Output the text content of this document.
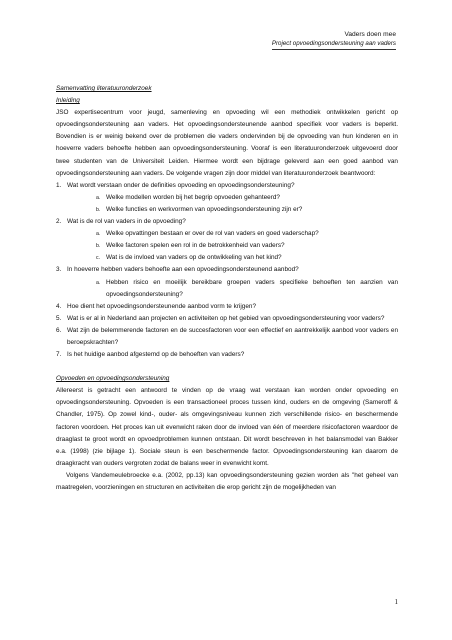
Vaders doen mee
Project opvoedingsondersteuning aan vaders

Samenvatting literatuuronderzoek

Inleiding

JSO expertisecentrum voor jeugd, samenleving en opvoeding wil een methodiek ontwikkelen gericht op opvoedingsondersteuning aan vaders. Het opvoedingsondersteunende aanbod specifiek voor vaders is beperkt. Bovendien is er weinig bekend over de problemen die vaders ondervinden bij de opvoeding van hun kinderen en in hoeverre vaders behoefte hebben aan opvoedingsondersteuning. Vooraf is een literatuuronderzoek uitgevoerd door twee studenten van de Universiteit Leiden. Hiermee wordt een bijdrage geleverd aan een goed aanbod van opvoedingsondersteuning aan vaders. De volgende vragen zijn door middel van literatuuronderzoek beantwoord:

1. Wat wordt verstaan onder de definities opvoeding en opvoedingsondersteuning?
a. Welke modellen worden bij het begrip opvoeden gehanteerd?
b. Welke functies en werkvormen van opvoedingsondersteuning zijn er?
2. Wat is de rol van vaders in de opvoeding?
a. Welke opvattingen bestaan er over de rol van vaders en goed vaderschap?
b. Welke factoren spelen een rol in de betrokkenheid van vaders?
c. Wat is de invloed van vaders op de ontwikkeling van het kind?
3. In hoeverre hebben vaders behoefte aan een opvoedingsondersteunend aanbod?
a. Hebben risico en moeilijk bereikbare groepen vaders specifieke behoeften ten aanzien van opvoedingsondersteuning?
4. Hoe dient het opvoedingsondersteunende aanbod vorm te krijgen?
5. Wat is er al in Nederland aan projecten en activiteiten op het gebied van opvoedingsondersteuning voor vaders?
6. Wat zijn de belemmerende factoren en de succesfactoren voor een effectief en aantrekkelijk aanbod voor vaders en beroepskrachten?
7. Is het huidige aanbod afgestemd op de behoeften van vaders?

Opvoeden en opvoedingsondersteuning

Allereerst is getracht een antwoord te vinden op de vraag wat verstaan kan worden onder opvoeding en opvoedingsondersteuning. Opvoeden is een transactioneel proces tussen kind, ouders en de omgeving (Sameroff & Chandler, 1975). Op zowel kind-, ouder- als omgevingsniveau kunnen zich verschillende risico- en beschermende factoren voordoen. Het proces kan uit evenwicht raken door de invloed van één of meerdere risicofactoren waardoor de draaglast te groot wordt en opvoedproblemen kunnen ontstaan. Dit wordt beschreven in het balansmodel van Bakker e.a. (1998) (zie bijlage 1). Sociale steun is een beschermende factor. Opvoedingsondersteuning kan daarom de draagkracht van ouders vergroten zodat de balans weer in evenwicht komt.

Volgens Vandemeulebroecke e.a. (2002, pp.13) kan opvoedingsondersteuning gezien worden als "het geheel van maatregelen, voorzieningen en structuren en activiteiten die erop gericht zijn de mogelijkheden van

1
